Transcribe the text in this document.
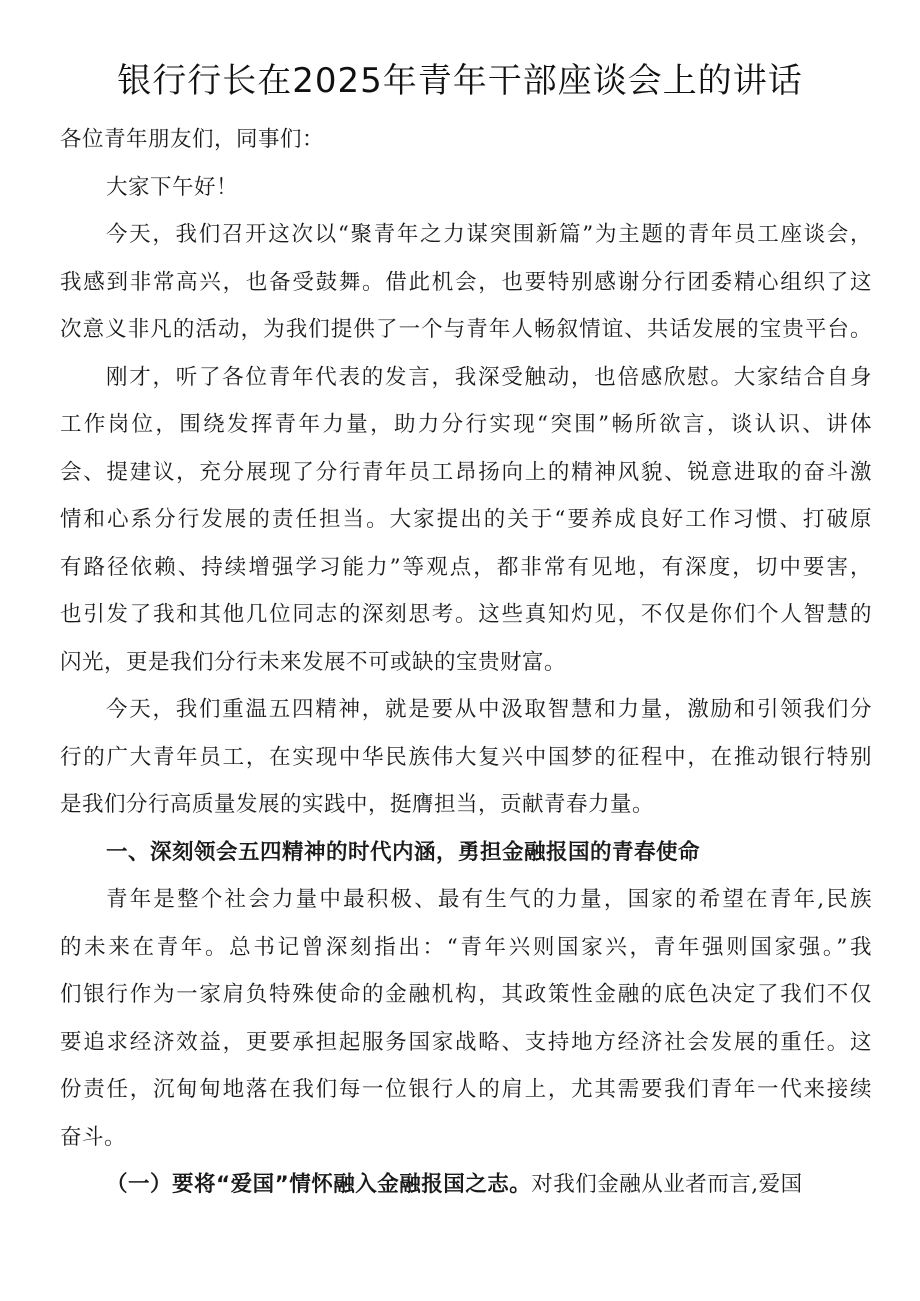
银行行长在2025年青年干部座谈会上的讲话
各位青年朋友们，同事们：
大家下午好！
今天，我们召开这次以“聚青年之力谋突围新篇”为主题的青年员工座谈会，
我感到非常高兴，也备受鼓舞。借此机会，也要特别感谢分行团委精心组织了这
次意义非凡的活动，为我们提供了一个与青年人畅叙情谊、共话发展的宝贵平台。
刚才，听了各位青年代表的发言，我深受触动，也倍感欣慰。大家结合自身
工作岗位，围绕发挥青年力量，助力分行实现“突围”畅所欲言，谈认识、讲体
会、提建议，充分展现了分行青年员工昂扬向上的精神风貌、锐意进取的奋斗激
情和心系分行发展的责任担当。大家提出的关于“要养成良好工作习惯、打破原
有路径依赖、持续增强学习能力”等观点，都非常有见地，有深度，切中要害，
也引发了我和其他几位同志的深刻思考。这些真知灼见，不仅是你们个人智慧的
闪光，更是我们分行未来发展不可或缺的宝贵财富。
今天，我们重温五四精神，就是要从中汲取智慧和力量，激励和引领我们分
行的广大青年员工，在实现中华民族伟大复兴中国梦的征程中，在推动银行特别
是我们分行高质量发展的实践中，挺膺担当，贡献青春力量。
一、深刻领会五四精神的时代内涵，勇担金融报国的青春使命
青年是整个社会力量中最积极、最有生气的力量，国家的希望在青年,民族
的未来在青年。总书记曾深刻指出：“青年兴则国家兴，青年强则国家强。”我
们银行作为一家肩负特殊使命的金融机构，其政策性金融的底色决定了我们不仅
要追求经济效益，更要承担起服务国家战略、支持地方经济社会发展的重任。这
份责任，沉甸甸地落在我们每一位银行人的肩上，尤其需要我们青年一代来接续
奋斗。
（一）要将“爱国”情怀融入金融报国之志。对我们金融从业者而言,爱国
